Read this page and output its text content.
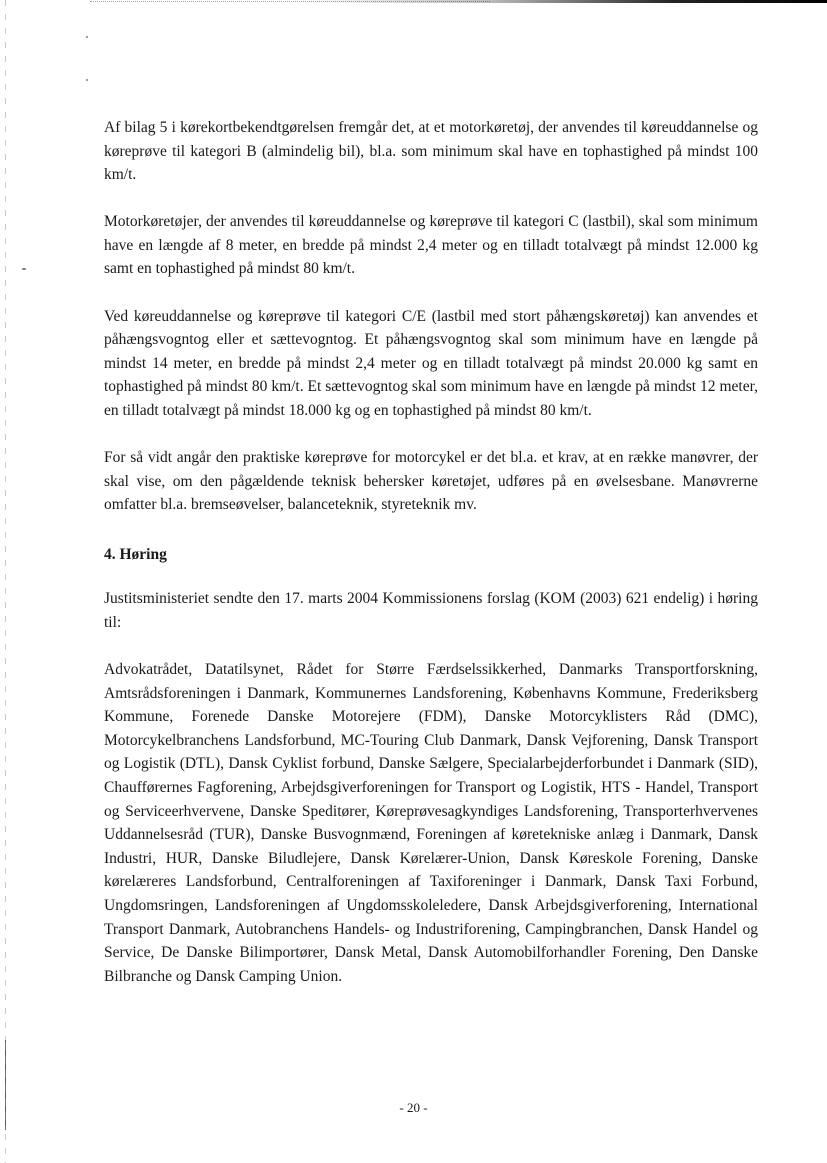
Af bilag 5 i kørekortbekendtgørelsen fremgår det, at et motorkøretøj, der anvendes til køreuddannelse og køreprøve til kategori B (almindelig bil), bl.a. som minimum skal have en tophastighed på mindst 100 km/t.

Motorkøretøjer, der anvendes til køreuddannelse og køreprøve til kategori C (lastbil), skal som minimum have en længde af 8 meter, en bredde på mindst 2,4 meter og en tilladt totalvægt på mindst 12.000 kg samt en tophastighed på mindst 80 km/t.

Ved køreuddannelse og køreprøve til kategori C/E (lastbil med stort påhængskøretøj) kan anvendes et påhængsvogntog eller et sættevogntog. Et påhængsvogntog skal som minimum have en længde på mindst 14 meter, en bredde på mindst 2,4 meter og en tilladt totalvægt på mindst 20.000 kg samt en tophastighed på mindst 80 km/t. Et sættevogntog skal som minimum have en længde på mindst 12 meter, en tilladt totalvægt på mindst 18.000 kg og en tophastighed på mindst 80 km/t.

For så vidt angår den praktiske køreprøve for motorcykel er det bl.a. et krav, at en række manøvrer, der skal vise, om den pågældende teknisk behersker køretøjet, udføres på en øvelsesbane. Manøvrerne omfatter bl.a. bremseøvelser, balanceteknik, styreteknik mv.

4. Høring

Justitsministeriet sendte den 17. marts 2004 Kommissionens forslag (KOM (2003) 621 endelig) i høring til:

Advokatrådet, Datatilsynet, Rådet for Større Færdselssikkerhed, Danmarks Transportforskning, Amtsrådsforeningen i Danmark, Kommunernes Landsforening, Københavns Kommune, Frederiksberg Kommune, Forenede Danske Motorejere (FDM), Danske Motorcyklisters Råd (DMC), Motorcykelbranchens Landsforbund, MC-Touring Club Danmark, Dansk Vejforening, Dansk Transport og Logistik (DTL), Dansk Cyklist forbund, Danske Sælgere, Specialarbejderforbundet i Danmark (SID), Chaufførernes Fagforening, Arbejdsgiverforeningen for Transport og Logistik, HTS - Handel, Transport og Serviceerhvervene, Danske Speditører, Køreprøvesagkyndiges Landsforening, Transporterhvervenes Uddannelsesråd (TUR), Danske Busvognmænd, Foreningen af køretekniske anlæg i Danmark, Dansk Industri, HUR, Danske Biludlejere, Dansk Kørelærer-Union, Dansk Køreskole Forening, Danske kørelæreres Landsforbund, Centralforeningen af Taxiforeninger i Danmark, Dansk Taxi Forbund, Ungdomsringen, Landsforeningen af Ungdomsskoleledere, Dansk Arbejdsgiverforening, International Transport Danmark, Autobranchens Handels- og Industriforening, Campingbranchen, Dansk Handel og Service, De Danske Bilimportører, Dansk Metal, Dansk Automobilforhandler Forening, Den Danske Bilbranche og Dansk Camping Union.

- 20 -
